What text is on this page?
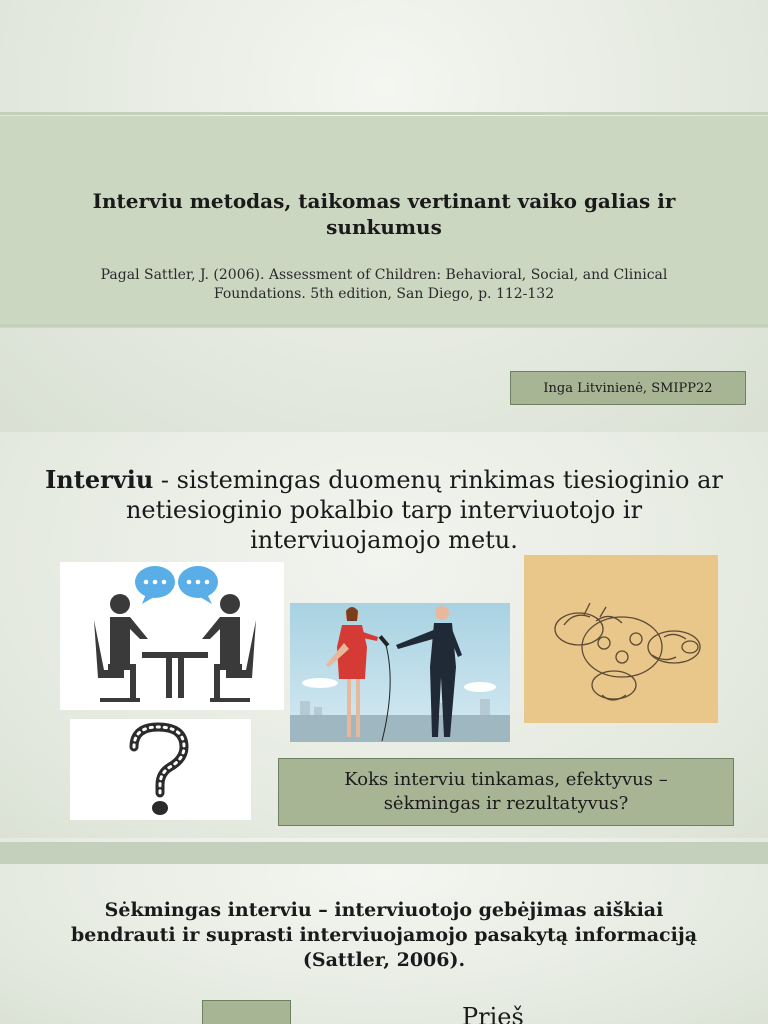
Interviu metodas, taikomas vertinant vaiko galias ir sunkumus
Pagal Sattler, J. (2006). Assessment of Children: Behavioral, Social, and Clinical Foundations. 5th edition, San Diego, p. 112-132
Inga Litvinienė, SMIPP22
Interviu - sistemingas duomenų rinkimas tiesioginio ar netiesioginio pokalbio tarp interviuotojo ir interviuojamojo metu.
Koks interviu tinkamas, efektyvus – sėkmingas ir rezultatyvus?
Sėkmingas interviu – interviuotojo gebėjimas aiškiai bendrauti ir suprasti interviuojamojo pasakytą informaciją (Sattler, 2006).
Prieš
